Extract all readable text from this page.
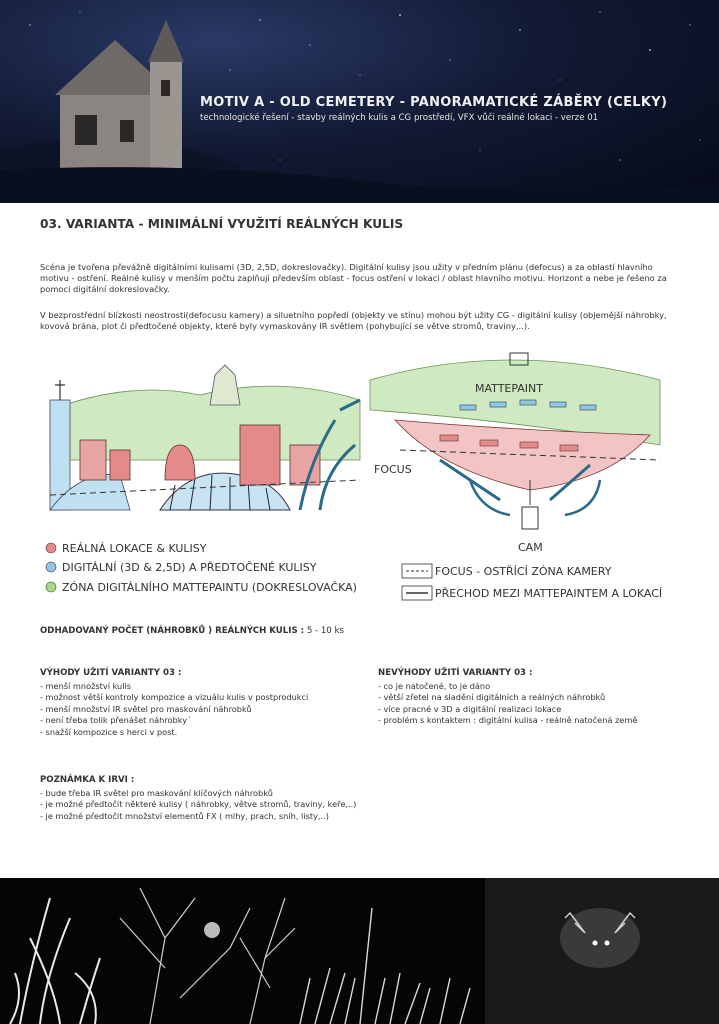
MOTIV A - OLD CEMETERY - PANORAMATICKÉ ZÁBĚRY (CELKY)
technologické řešení - stavby reálných kulis a CG prostředí, VFX vůči reálné lokaci - verze 01
03. VARIANTA - MINIMÁLNÍ VYUŽITÍ REÁLNÝCH KULIS
Scéna je tvořena převážně digitálními kulisami (3D, 2,5D, dokreslovačky). Digitální kulisy jsou užity v předním plánu (defocus) a za oblastí hlavního motivu - ostření. Reálné kulisy v menším počtu zaplňují především oblast - focus ostření v lokaci / oblast hlavního motivu. Horizont a nebe je řešeno za pomoci digitální dokreslovačky.
V bezprostřední blízkosti neostrosti(defocusu kamery) a siluetního popředí (objekty ve stínu) mohou být užity CG - digitální kulisy (objemější náhrobky, kovová brána, plot či předtočené objekty, které byly vymaskovány IR světlem (pohybující se větve stromů, traviny,..).
MATTEPAINT
FOCUS
CAM
REÁLNÁ LOKACE & KULISY
DIGITÁLNÍ (3D & 2,5D) A PŘEDTOČENÉ KULISY
ZÓNA DIGITÁLNÍHO MATTEPAINTU (DOKRESLOVAČKA)
FOCUS - OSTŘÍCÍ ZÓNA KAMERY
PŘECHOD MEZI MATTEPAINTEM A LOKACÍ
ODHADOVANÝ POČET (NÁHROBKŮ ) REÁLNÝCH KULIS : 5 - 10 ks
VÝHODY UŽITÍ VARIANTY 03 :
- menší množství kulis
- možnost větší kontroly kompozice a vizuálu kulis v postprodukci
- menší množství IR světel pro maskování náhrobků
- není třeba tolik přenášet náhrobky´
- snažší kompozice s herci v post.
NEVÝHODY UŽITÍ VARIANTY 03 :
- co je natočené, to je dáno
- větší zřetel na sladění digitálních a reálných náhrobků
- více pracné v 3D a digitální realizaci lokace
- problém s kontaktem : digitální kulisa - reálně natočená země
POZNÁMKA K IRVI :
- bude třeba IR světel pro maskování klíčových náhrobků
- je možné předtočit některé kulisy ( náhrobky, větve stromů, traviny, keře,..)
- je možné předtočit množství elementů FX ( mlhy, prach, sníh, listy,..)
